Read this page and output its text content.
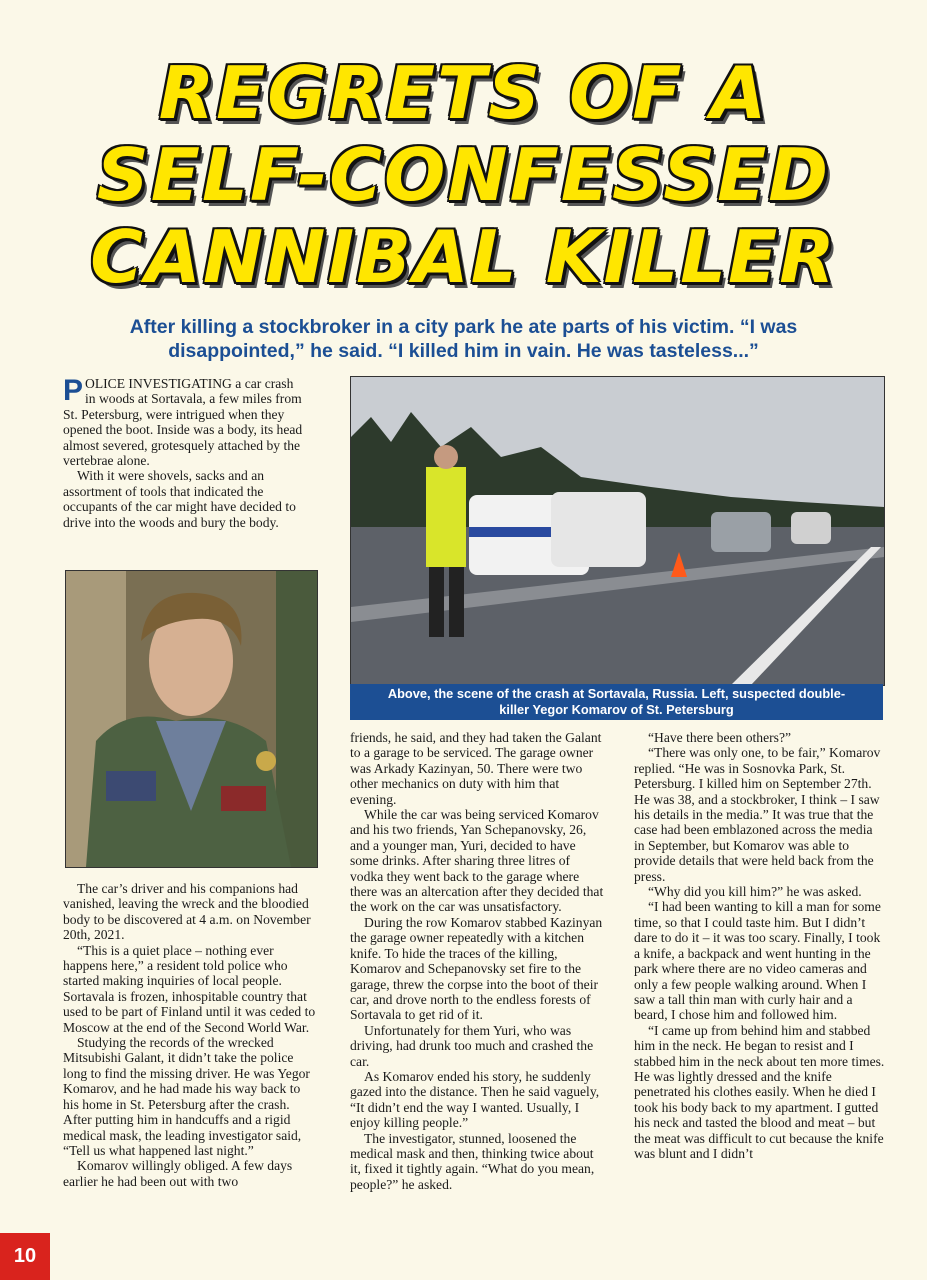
REGRETS OF A
SELF-CONFESSED
CANNIBAL KILLER
After killing a stockbroker in a city park he ate parts of his victim. “I was
disappointed,” he said. “I killed him in vain. He was tasteless...”

POLICE INVESTIGATING a car crash in woods at Sortavala, a few miles from St. Petersburg, were intrigued when they opened the boot. Inside was a body, its head almost severed, grotesquely attached by the vertebrae alone.

With it were shovels, sacks and an assortment of tools that indicated the occupants of the car might have decided to drive into the woods and bury the body.

The car’s driver and his companions had vanished, leaving the wreck and the bloodied body to be discovered at 4 a.m. on November 20th, 2021.

“This is a quiet place – nothing ever happens here,” a resident told police who started making inquiries of local people. Sortavala is frozen, inhospitable country that used to be part of Finland until it was ceded to Moscow at the end of the Second World War.

Studying the records of the wrecked Mitsubishi Galant, it didn’t take the police long to find the missing driver. He was Yegor Komarov, and he had made his way back to his home in St. Petersburg after the crash. After putting him in handcuffs and a rigid medical mask, the leading investigator said, “Tell us what happened last night.”

Komarov willingly obliged. A few days earlier he had been out with two

Above, the scene of the crash at Sortavala, Russia. Left, suspected double-
killer Yegor Komarov of St. Petersburg

friends, he said, and they had taken the Galant to a garage to be serviced. The garage owner was Arkady Kazinyan, 50. There were two other mechanics on duty with him that evening.

While the car was being serviced Komarov and his two friends, Yan Schepanovsky, 26, and a younger man, Yuri, decided to have some drinks. After sharing three litres of vodka they went back to the garage where there was an altercation after they decided that the work on the car was unsatisfactory.

During the row Komarov stabbed Kazinyan the garage owner repeatedly with a kitchen knife. To hide the traces of the killing, Komarov and Schepanovsky set fire to the garage, threw the corpse into the boot of their car, and drove north to the endless forests of Sortavala to get rid of it.

Unfortunately for them Yuri, who was driving, had drunk too much and crashed the car.

As Komarov ended his story, he suddenly gazed into the distance. Then he said vaguely, “It didn’t end the way I wanted. Usually, I enjoy killing people.”

The investigator, stunned, loosened the medical mask and then, thinking twice about it, fixed it tightly again. “What do you mean, people?” he asked.

“Have there been others?”

“There was only one, to be fair,” Komarov replied. “He was in Sosnovka Park, St. Petersburg. I killed him on September 27th. He was 38, and a stockbroker, I think – I saw his details in the media.” It was true that the case had been emblazoned across the media in September, but Komarov was able to provide details that were held back from the press.

“Why did you kill him?” he was asked.

“I had been wanting to kill a man for some time, so that I could taste him. But I didn’t dare to do it – it was too scary. Finally, I took a knife, a backpack and went hunting in the park where there are no video cameras and only a few people walking around. When I saw a tall thin man with curly hair and a beard, I chose him and followed him.

“I came up from behind him and stabbed him in the neck. He began to resist and I stabbed him in the neck about ten more times. He was lightly dressed and the knife penetrated his clothes easily. When he died I took his body back to my apartment. I gutted his neck and tasted the blood and meat – but the meat was difficult to cut because the knife was blunt and I didn’t

10
